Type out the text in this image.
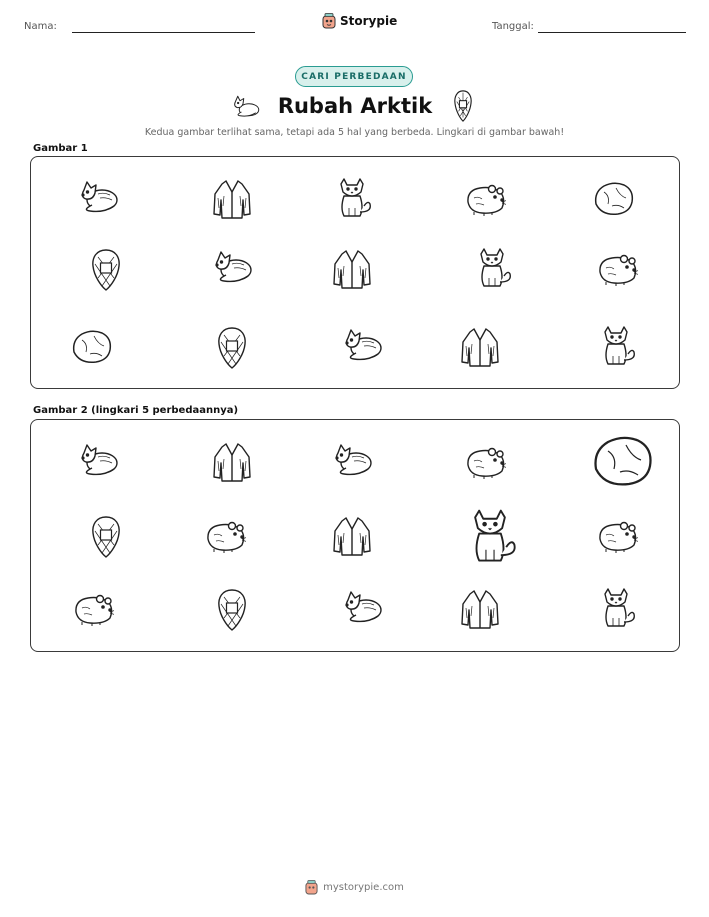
Nama:	Storypie	Tanggal:
CARI PERBEDAAN
Rubah Arktik
Kedua gambar terlihat sama, tetapi ada 5 hal yang berbeda. Lingkari di gambar bawah!
Gambar 1
Gambar 2 (lingkari 5 perbedaannya)
mystorypie.com
